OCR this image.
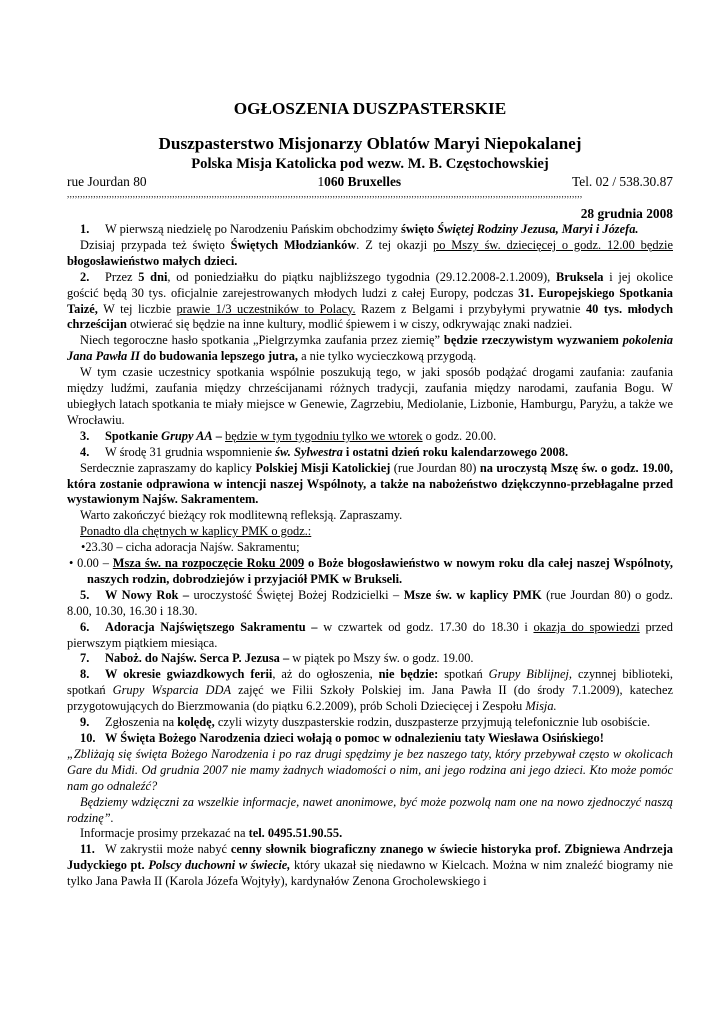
OGŁOSZENIA DUSZPASTERSKIE
Duszpasterstwo Misjonarzy Oblatów Maryi Niepokalanej
Polska Misja Katolicka pod wezw. M. B. Częstochowskiej
rue Jourdan 80	1060 Bruxelles	Tel. 02 / 538.30.87
,,,,,,,,,,,,,,,,,,,,,,,,,,,,,,,,,,,,,,,,,,,,,,,,,,,,,,,,,,,,,,,,,,,,,,,,,,,,,,,,,,,,,,,,,,,,,,,,,,,,,,,,,,,,,,,,,,,,,,,,,,,,,,,,,,,,,,,,,,,,,,,,,,,,,,,,,,,,,,,,,,,,,,,,,,,,,,,,,,,,,,,,,,,,,,,,,,,,
28 grudnia 2008

1. W pierwszą niedzielę po Narodzeniu Pańskim obchodzimy święto Świętej Rodziny Jezusa, Maryi i Józefa.

Dzisiaj przypada też święto Świętych Młodzianków. Z tej okazji po Mszy św. dziecięcej o godz. 12.00 będzie błogosławieństwo małych dzieci.

2. Przez 5 dni, od poniedziałku do piątku najbliższego tygodnia (29.12.2008-2.1.2009), Bruksela i jej okolice gościć będą 30 tys. oficjalnie zarejestrowanych młodych ludzi z całej Europy, podczas 31. Europejskiego Spotkania Taizé, W tej liczbie prawie 1/3 uczestników to Polacy. Razem z Belgami i przybyłymi prywatnie 40 tys. młodych chrześcijan otwierać się będzie na inne kultury, modlić śpiewem i w ciszy, odkrywając znaki nadziei.

Niech tegoroczne hasło spotkania „Pielgrzymka zaufania przez ziemię” będzie rzeczywistym wyzwaniem pokolenia Jana Pawła II do budowania lepszego jutra, a nie tylko wycieczkową przygodą.

W tym czasie uczestnicy spotkania wspólnie poszukują tego, w jaki sposób podążać drogami zaufania: zaufania między ludźmi, zaufania między chrześcijanami różnych tradycji, zaufania między narodami, zaufania Bogu. W ubiegłych latach spotkania te miały miejsce w Genewie, Zagrzebiu, Mediolanie, Lizbonie, Hamburgu, Paryżu, a także we Wrocławiu.

3. Spotkanie Grupy AA – będzie w tym tygodniu tylko we wtorek o godz. 20.00.

4. W środę 31 grudnia wspomnienie św. Sylwestra i ostatni dzień roku kalendarzowego 2008.

Serdecznie zapraszamy do kaplicy Polskiej Misji Katolickiej (rue Jourdan 80) na uroczystą Mszę św. o godz. 19.00, która zostanie odprawiona w intencji naszej Wspólnoty, a także na nabożeństwo dziękczynno-przebłagalne przed wystawionym Najśw. Sakramentem.

Warto zakończyć bieżący rok modlitewną refleksją. Zapraszamy.

Ponadto dla chętnych w kaplicy PMK o godz.:

•23.30 – cicha adoracja Najśw. Sakramentu;

• 0.00 – Msza św. na rozpoczęcie Roku 2009 o Boże błogosławieństwo w nowym roku dla całej naszej Wspólnoty, naszych rodzin, dobrodziejów i przyjaciół PMK w Brukseli.

5. W Nowy Rok – uroczystość Świętej Bożej Rodzicielki – Msze św. w kaplicy PMK (rue Jourdan 80) o godz. 8.00, 10.30, 16.30 i 18.30.

6. Adoracja Najświętszego Sakramentu – w czwartek od godz. 17.30 do 18.30 i okazja do spowiedzi przed pierwszym piątkiem miesiąca.

7. Naboż. do Najśw. Serca P. Jezusa – w piątek po Mszy św. o godz. 19.00.

8. W okresie gwiazdkowych ferii, aż do ogłoszenia, nie będzie: spotkań Grupy Biblijnej, czynnej biblioteki, spotkań Grupy Wsparcia DDA zajęć we Filii Szkoły Polskiej im. Jana Pawła II (do środy 7.1.2009), katechez przygotowujących do Bierzmowania (do piątku 6.2.2009), prób Scholi Dziecięcej i Zespołu Misja.

9. Zgłoszenia na kolędę, czyli wizyty duszpasterskie rodzin, duszpasterze przyjmują telefonicznie lub osobiście.

10. W Święta Bożego Narodzenia dzieci wołają o pomoc w odnalezieniu taty Wiesława Osińskiego!

„Zbliżają się święta Bożego Narodzenia i po raz drugi spędzimy je bez naszego taty, który przebywał często w okolicach Gare du Midi. Od grudnia 2007 nie mamy żadnych wiadomości o nim, ani jego rodzina ani jego dzieci. Kto może pomóc nam go odnaleźć?

Będziemy wdzięczni za wszelkie informacje, nawet anonimowe, być może pozwolą nam one na nowo zjednoczyć naszą rodzinę”.

Informacje prosimy przekazać na tel. 0495.51.90.55.

11. W zakrystii może nabyć cenny słownik biograficzny znanego w świecie historyka prof. Zbigniewa Andrzeja Judyckiego pt. Polscy duchowni w świecie, który ukazał się niedawno w Kielcach. Można w nim znaleźć biogramy nie tylko Jana Pawła II (Karola Józefa Wojtyły), kardynałów Zenona Grocholewskiego i
